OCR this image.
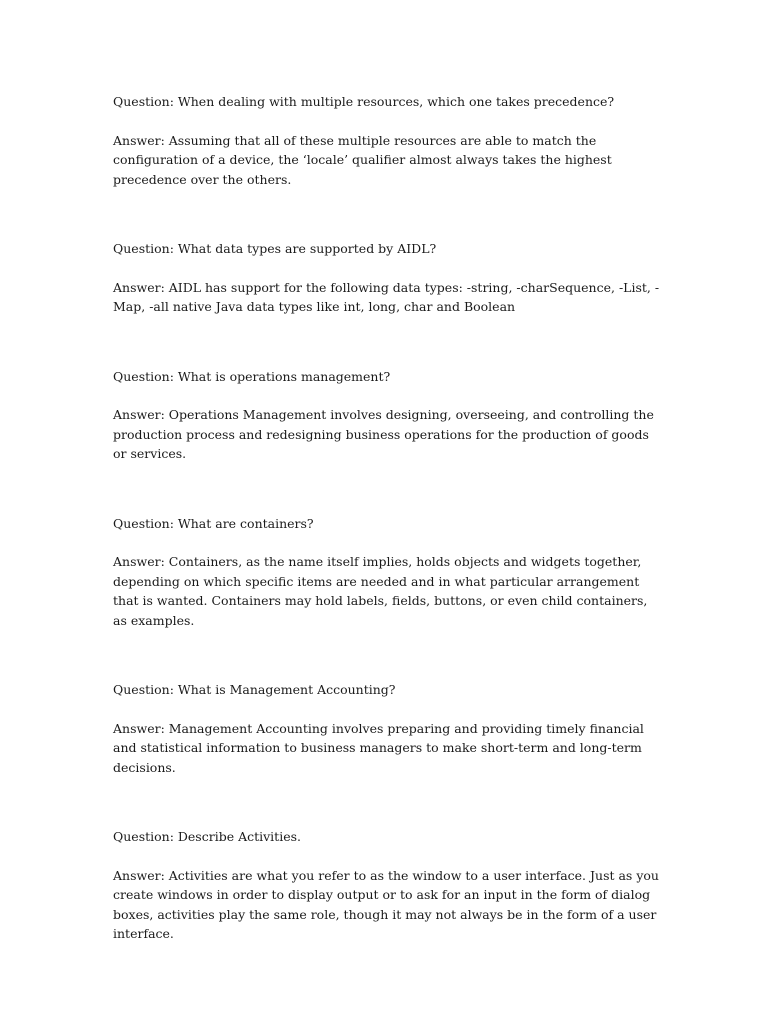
Question: When dealing with multiple resources, which one takes precedence?

Answer: Assuming that all of these multiple resources are able to match the configuration of a device, the ‘locale’ qualifier almost always takes the highest precedence over the others.

Question: What data types are supported by AIDL?

Answer: AIDL has support for the following data types: -string, -charSequence, -List, -Map, -all native Java data types like int, long, char and Boolean

Question: What is operations management?

Answer: Operations Management involves designing, overseeing, and controlling the production process and redesigning business operations for the production of goods or services.

Question: What are containers?

Answer: Containers, as the name itself implies, holds objects and widgets together, depending on which specific items are needed and in what particular arrangement that is wanted. Containers may hold labels, fields, buttons, or even child containers, as examples.

Question: What is Management Accounting?

Answer: Management Accounting involves preparing and providing timely financial and statistical information to business managers to make short-term and long-term decisions.

Question: Describe Activities.

Answer: Activities are what you refer to as the window to a user interface. Just as you create windows in order to display output or to ask for an input in the form of dialog boxes, activities play the same role, though it may not always be in the form of a user interface.
